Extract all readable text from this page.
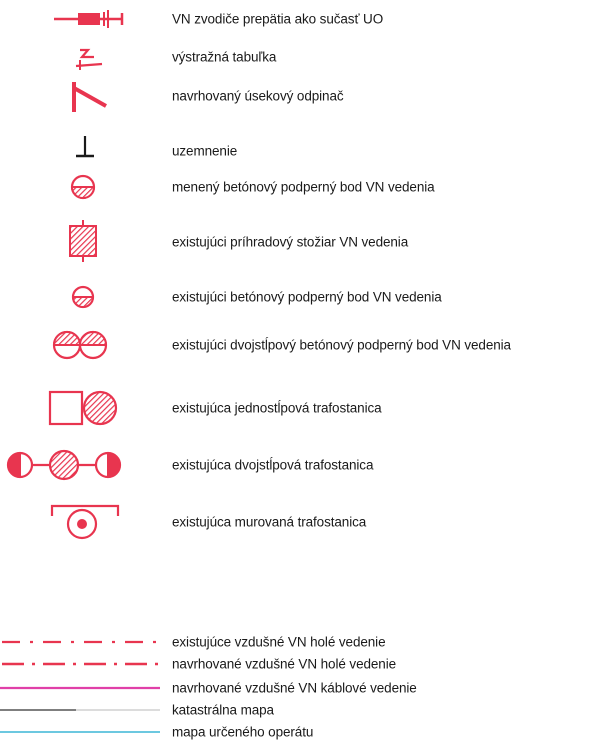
VN zvodiče prepätia ako sučasť UO
výstražná tabuľka
navrhovaný úsekový odpinač
uzemnenie
menený betónový podperný bod VN vedenia
existujúci príhradový stožiar VN vedenia
existujúci betónový podperný bod VN vedenia
existujúci dvojstĺpový betónový podperný bod VN vedenia
existujúca jednostĺpová trafostanica
existujúca dvojstĺpová trafostanica
existujúca murovaná trafostanica
existujúce vzdušné VN holé vedenie
navrhované vzdušné VN holé vedenie
navrhované vzdušné VN káblové vedenie
katastrálna mapa
mapa určeného operátu
